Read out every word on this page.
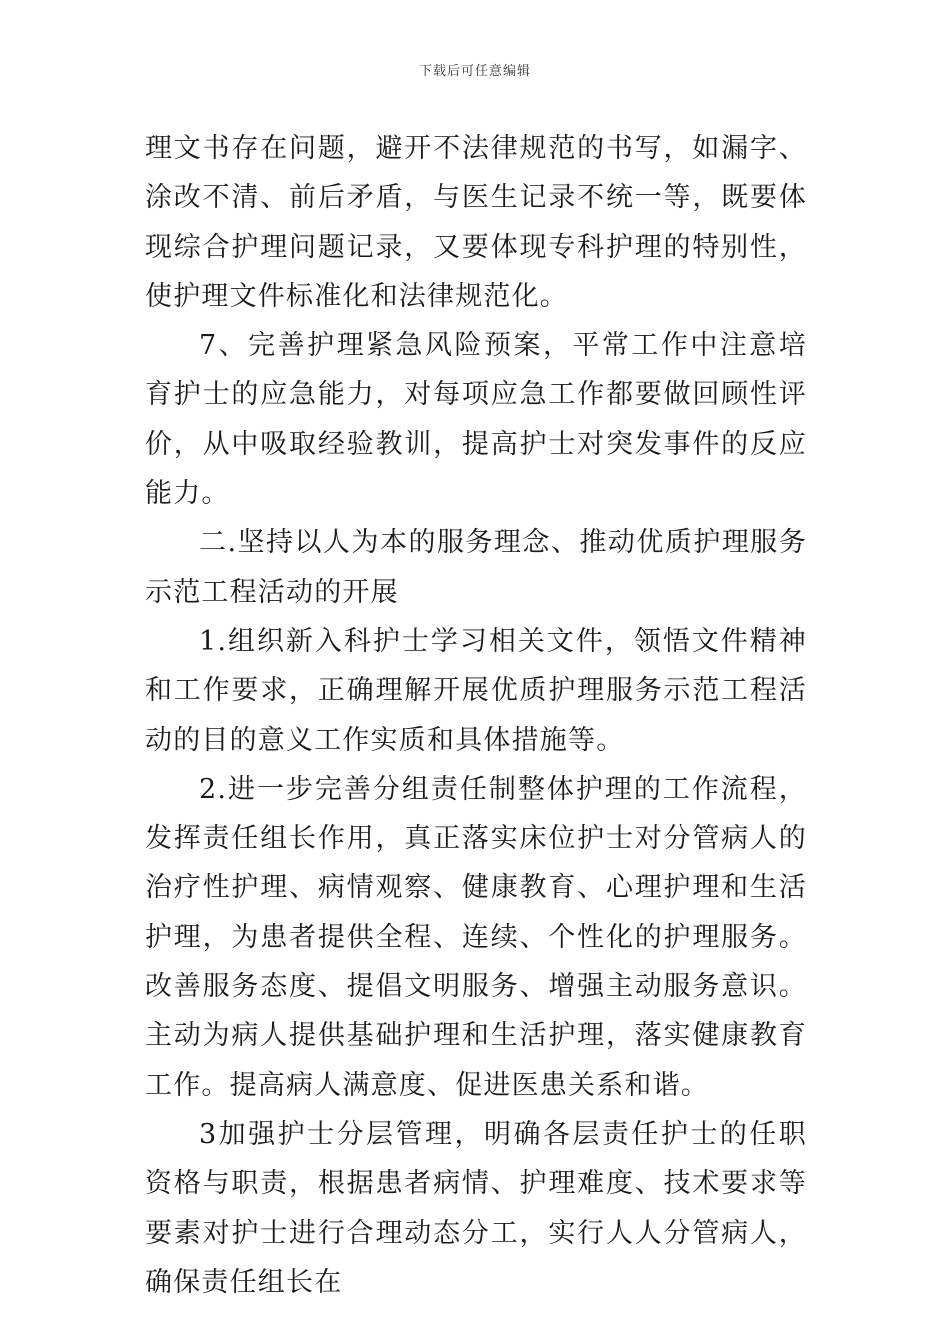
下载后可任意编辑

理文书存在问题，避开不法律规范的书写，如漏字、涂改不清、前后矛盾，与医生记录不统一等，既要体现综合护理问题记录，又要体现专科护理的特别性，使护理文件标准化和法律规范化。

7、完善护理紧急风险预案，平常工作中注意培育护士的应急能力，对每项应急工作都要做回顾性评价，从中吸取经验教训，提高护士对突发事件的反应能力。

二.坚持以人为本的服务理念、推动优质护理服务示范工程活动的开展

1.组织新入科护士学习相关文件，领悟文件精神和工作要求，正确理解开展优质护理服务示范工程活动的目的意义工作实质和具体措施等。

2.进一步完善分组责任制整体护理的工作流程，发挥责任组长作用，真正落实床位护士对分管病人的治疗性护理、病情观察、健康教育、心理护理和生活护理，为患者提供全程、连续、个性化的护理服务。改善服务态度、提倡文明服务、增强主动服务意识。主动为病人提供基础护理和生活护理，落实健康教育工作。提高病人满意度、促进医患关系和谐。

3加强护士分层管理，明确各层责任护士的任职资格与职责，根据患者病情、护理难度、技术要求等要素对护士进行合理动态分工，实行人人分管病人，确保责任组长在
